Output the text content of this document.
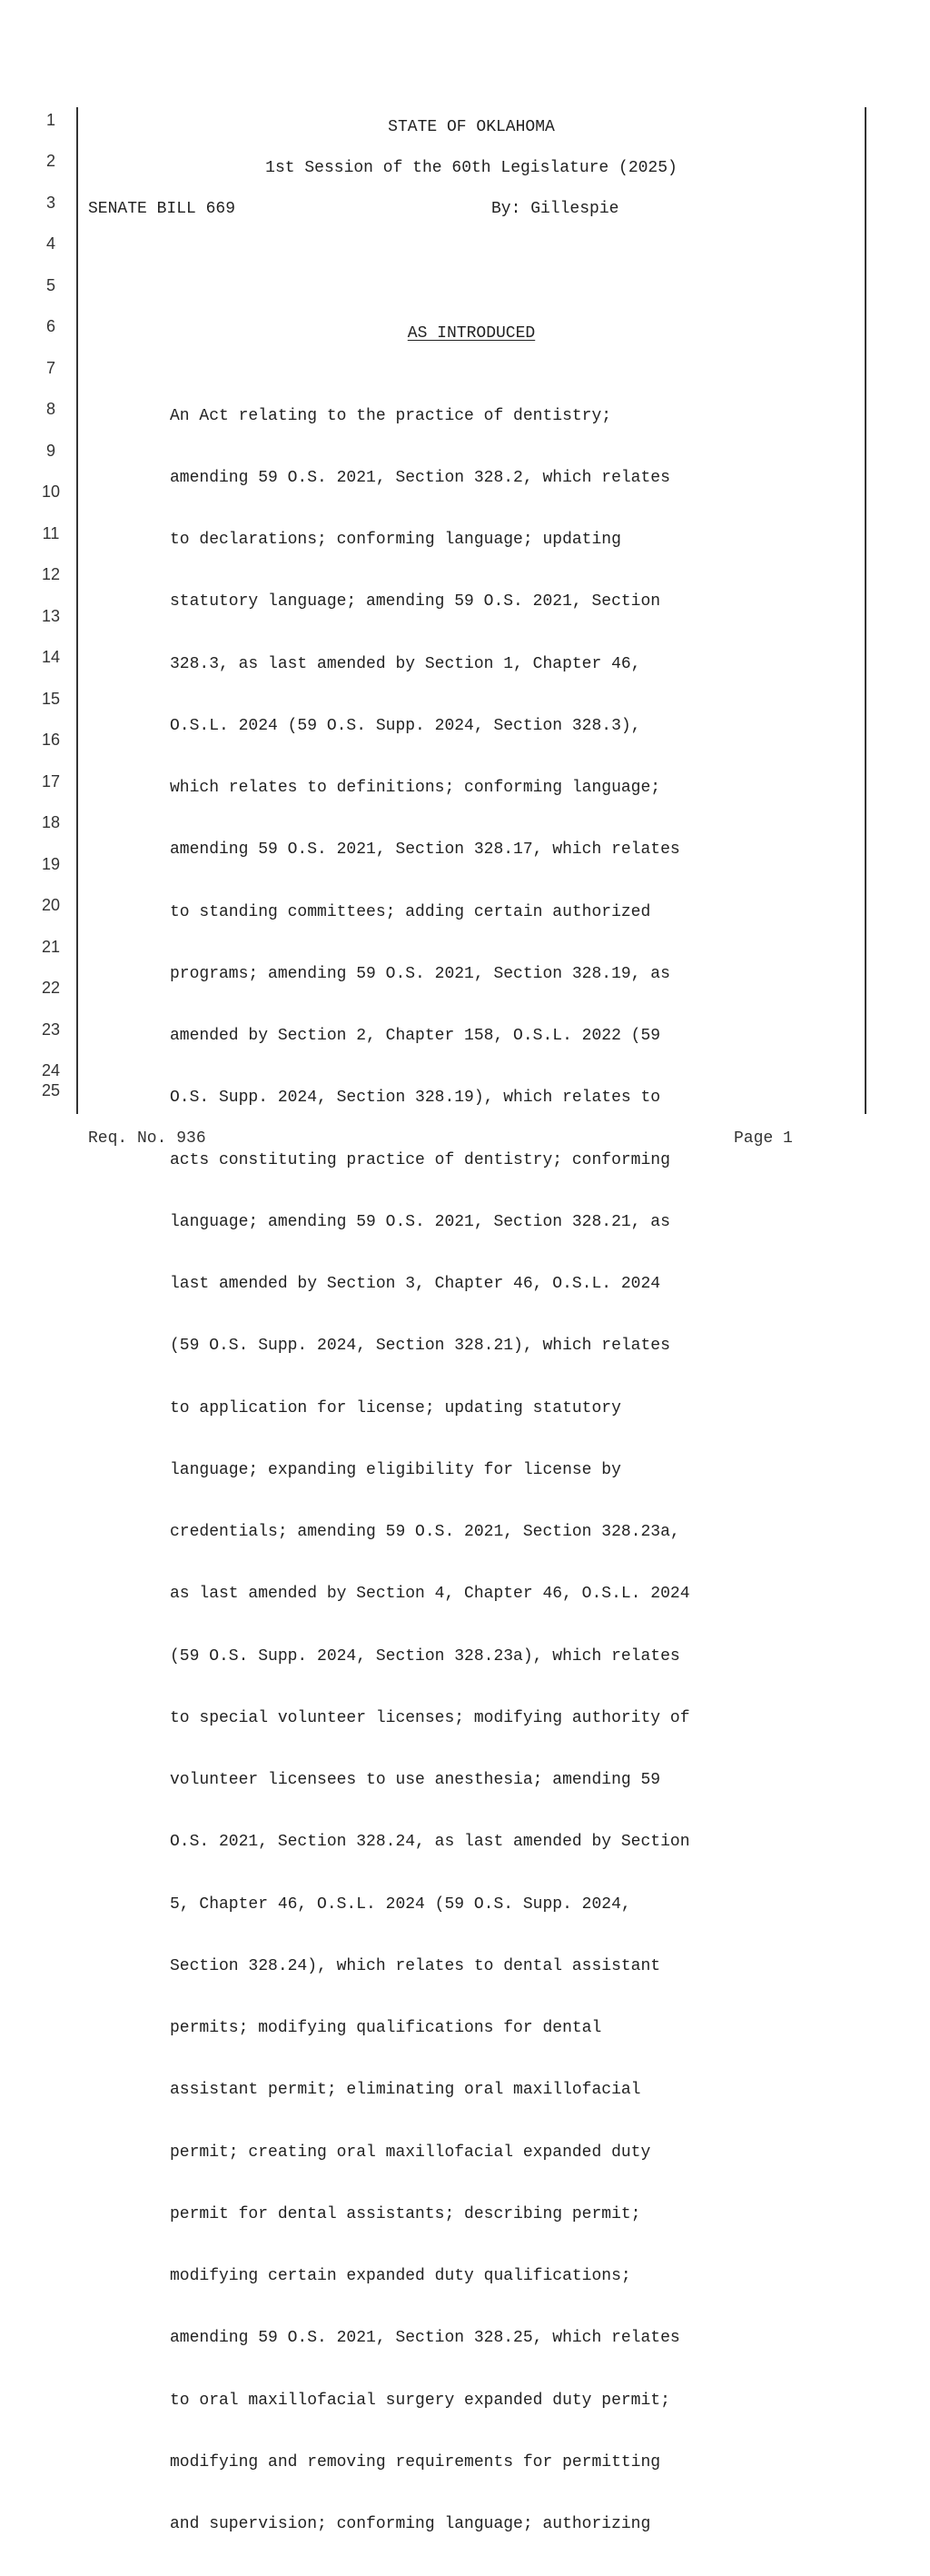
1
2
3
4
5
6
7
8
9
10
11
12
13
14
15
16
17
18
19
20
21
22
23
24
25
STATE OF OKLAHOMA
1st Session of the 60th Legislature (2025)
SENATE BILL 669	By: Gillespie
AS INTRODUCED

An Act relating to the practice of dentistry;

amending 59 O.S. 2021, Section 328.2, which relates

to declarations; conforming language; updating

statutory language; amending 59 O.S. 2021, Section

328.3, as last amended by Section 1, Chapter 46,

O.S.L. 2024 (59 O.S. Supp. 2024, Section 328.3),

which relates to definitions; conforming language;

amending 59 O.S. 2021, Section 328.17, which relates

to standing committees; adding certain authorized

programs; amending 59 O.S. 2021, Section 328.19, as

amended by Section 2, Chapter 158, O.S.L. 2022 (59

O.S. Supp. 2024, Section 328.19), which relates to

acts constituting practice of dentistry; conforming

language; amending 59 O.S. 2021, Section 328.21, as

last amended by Section 3, Chapter 46, O.S.L. 2024

(59 O.S. Supp. 2024, Section 328.21), which relates

to application for license; updating statutory

language; expanding eligibility for license by

credentials; amending 59 O.S. 2021, Section 328.23a,

as last amended by Section 4, Chapter 46, O.S.L. 2024

(59 O.S. Supp. 2024, Section 328.23a), which relates

to special volunteer licenses; modifying authority of

volunteer licensees to use anesthesia; amending 59

O.S. 2021, Section 328.24, as last amended by Section

5, Chapter 46, O.S.L. 2024 (59 O.S. Supp. 2024,

Section 328.24), which relates to dental assistant

permits; modifying qualifications for dental

assistant permit; eliminating oral maxillofacial

permit; creating oral maxillofacial expanded duty

permit for dental assistants; describing permit;

modifying certain expanded duty qualifications;

amending 59 O.S. 2021, Section 328.25, which relates

to oral maxillofacial surgery expanded duty permit;

modifying and removing requirements for permitting

and supervision; conforming language; authorizing

Req. No. 936	Page 1
